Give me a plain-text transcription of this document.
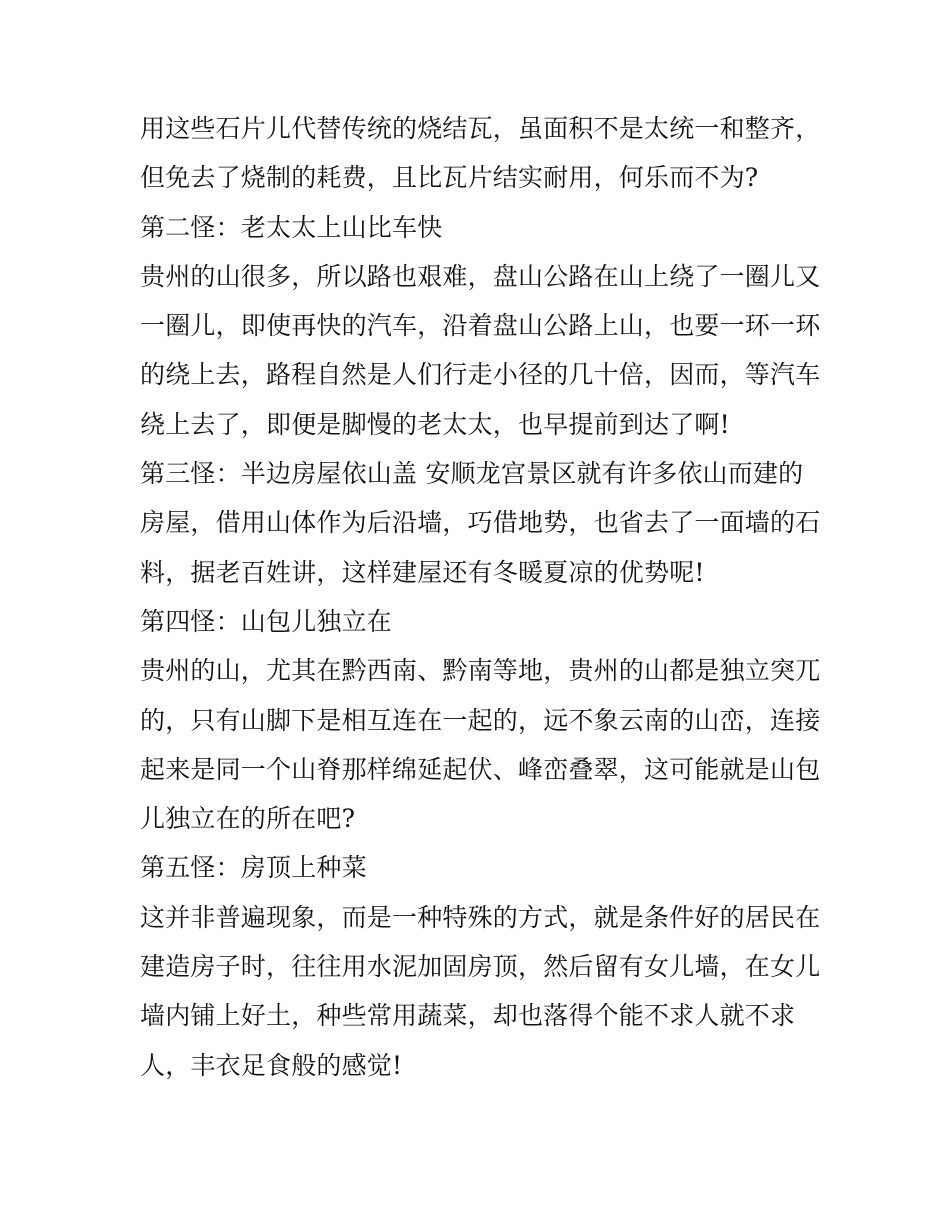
用这些石片儿代替传统的烧结瓦，虽面积不是太统一和整齐，
但免去了烧制的耗费，且比瓦片结实耐用，何乐而不为?
第二怪：老太太上山比车快
贵州的山很多，所以路也艰难，盘山公路在山上绕了一圈儿又
一圈儿，即使再快的汽车，沿着盘山公路上山，也要一环一环
的绕上去，路程自然是人们行走小径的几十倍，因而，等汽车
绕上去了，即便是脚慢的老太太，也早提前到达了啊!
第三怪：半边房屋依山盖 安顺龙宫景区就有许多依山而建的
房屋，借用山体作为后沿墙，巧借地势，也省去了一面墙的石
料，据老百姓讲，这样建屋还有冬暖夏凉的优势呢!
第四怪：山包儿独立在
贵州的山，尤其在黔西南、黔南等地，贵州的山都是独立突兀
的，只有山脚下是相互连在一起的，远不象云南的山峦，连接
起来是同一个山脊那样绵延起伏、峰峦叠翠，这可能就是山包
儿独立在的所在吧?
第五怪：房顶上种菜
这并非普遍现象，而是一种特殊的方式，就是条件好的居民在
建造房子时，往往用水泥加固房顶，然后留有女儿墙，在女儿
墙内铺上好土，种些常用蔬菜，却也落得个能不求人就不求
人，丰衣足食般的感觉!
